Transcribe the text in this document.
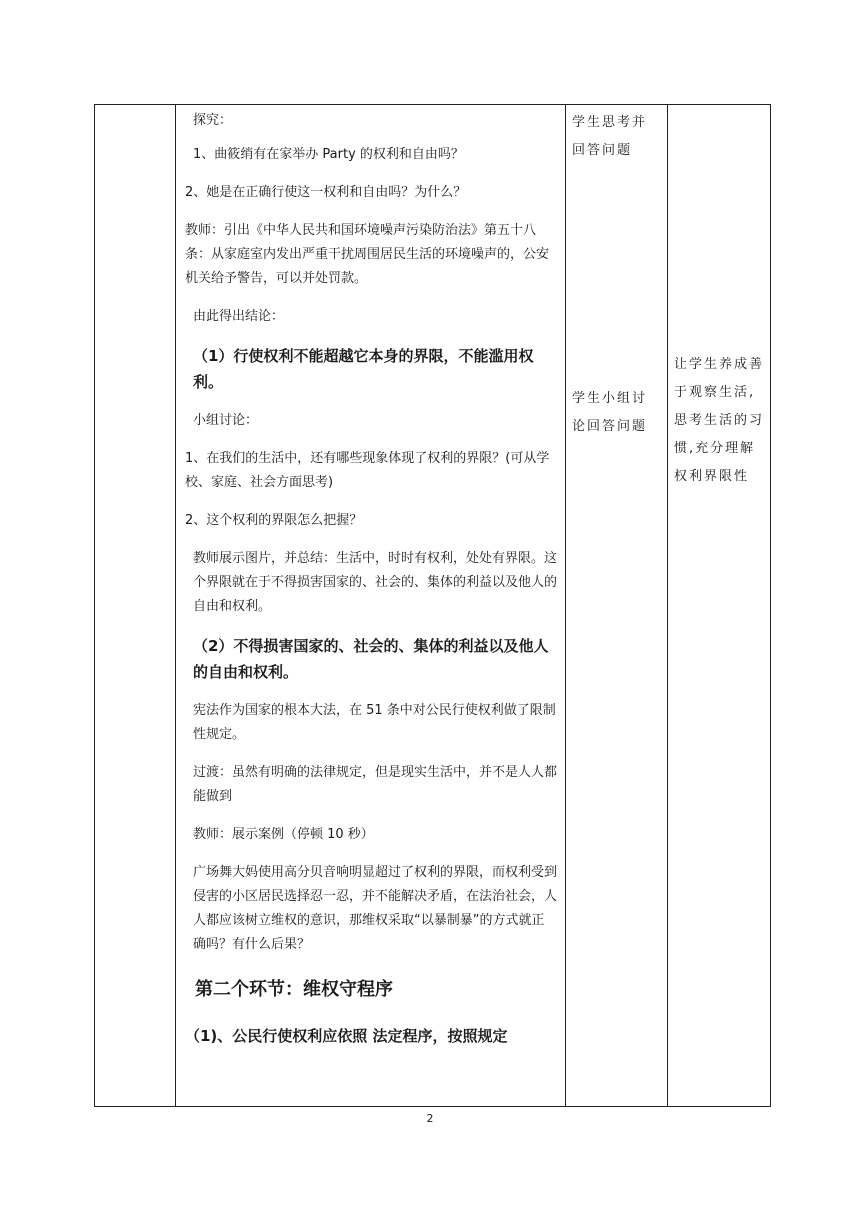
探究：

1、曲筱绡有在家举办 Party 的权利和自由吗？

2、她是在正确行使这一权利和自由吗？为什么？

教师：引出《中华人民共和国环境噪声污染防治法》第五十八条：从家庭室内发出严重干扰周围居民生活的环境噪声的，公安机关给予警告，可以并处罚款。

由此得出结论：

（1）行使权利不能超越它本身的界限，不能滥用权利。

小组讨论：

1、在我们的生活中，还有哪些现象体现了权利的界限？(可从学校、家庭、社会方面思考)

2、这个权利的界限怎么把握？

教师展示图片，并总结：生活中，时时有权利，处处有界限。这个界限就在于不得损害国家的、社会的、集体的利益以及他人的自由和权利。

（2）不得损害国家的、社会的、集体的利益以及他人的自由和权利。

宪法作为国家的根本大法，在 51 条中对公民行使权利做了限制性规定。

过渡：虽然有明确的法律规定，但是现实生活中，并不是人人都能做到

教师：展示案例（停顿 10 秒）

广场舞大妈使用高分贝音响明显超过了权利的界限，而权利受到侵害的小区居民选择忍一忍，并不能解决矛盾，在法治社会，人人都应该树立维权的意识，那维权采取“以暴制暴”的方式就正确吗？有什么后果？

第二个环节：维权守程序

（1)、公民行使权利应依照 法定程序，按照规定

学生思考并回答问题
学生小组讨论回答问题

让学生养成善于观察生活,思考生活的习惯,充分理解权利界限性
2
